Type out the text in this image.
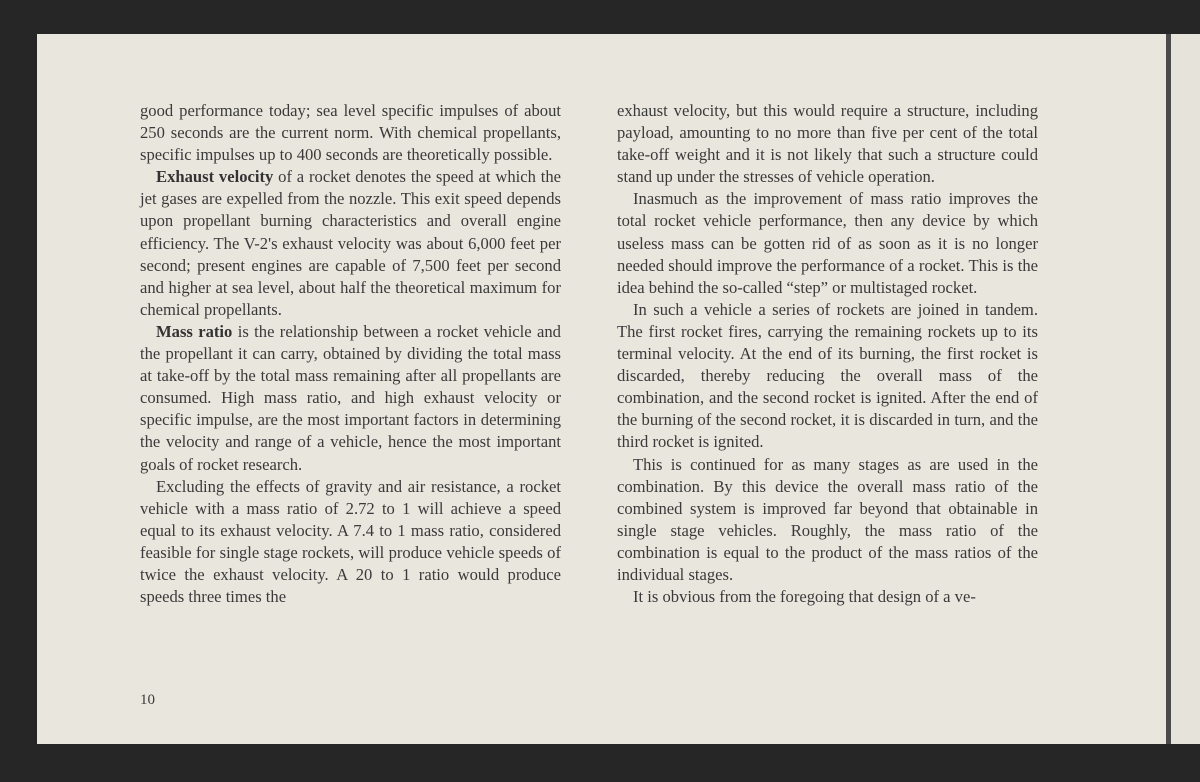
good performance today; sea level specific impulses of about 250 seconds are the current norm. With chemical propellants, specific impulses up to 400 seconds are theoretically possible.

Exhaust velocity of a rocket denotes the speed at which the jet gases are expelled from the nozzle. This exit speed depends upon propellant burning characteristics and overall engine efficiency. The V-2's exhaust velocity was about 6,000 feet per second; present engines are capable of 7,500 feet per second and higher at sea level, about half the theoretical maximum for chemical propellants.

Mass ratio is the relationship between a rocket vehicle and the propellant it can carry, obtained by dividing the total mass at take-off by the total mass remaining after all propellants are consumed. High mass ratio, and high exhaust velocity or specific impulse, are the most important factors in determining the velocity and range of a vehicle, hence the most important goals of rocket research.

Excluding the effects of gravity and air resistance, a rocket vehicle with a mass ratio of 2.72 to 1 will achieve a speed equal to its exhaust velocity. A 7.4 to 1 mass ratio, considered feasible for single stage rockets, will produce vehicle speeds of twice the exhaust velocity. A 20 to 1 ratio would produce speeds three times the

exhaust velocity, but this would require a structure, including payload, amounting to no more than five per cent of the total take-off weight and it is not likely that such a structure could stand up under the stresses of vehicle operation.

Inasmuch as the improvement of mass ratio improves the total rocket vehicle performance, then any device by which useless mass can be gotten rid of as soon as it is no longer needed should improve the performance of a rocket. This is the idea behind the so-called “step” or multistaged rocket.

In such a vehicle a series of rockets are joined in tandem. The first rocket fires, carrying the remaining rockets up to its terminal velocity. At the end of its burning, the first rocket is discarded, thereby reducing the overall mass of the combination, and the second rocket is ignited. After the end of the burning of the second rocket, it is discarded in turn, and the third rocket is ignited.

This is continued for as many stages as are used in the combination. By this device the overall mass ratio of the combined system is improved far beyond that obtainable in single stage vehicles. Roughly, the mass ratio of the combination is equal to the product of the mass ratios of the individual stages.

It is obvious from the foregoing that design of a ve-

10
